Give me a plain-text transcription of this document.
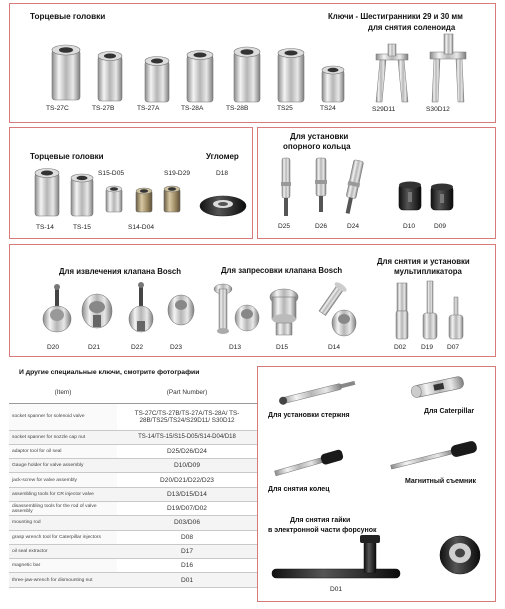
Торцевые головки	Ключи - Шестигранники 29 и 30 мм
для снятия соленоида
TS-27C	TS-27B	TS-27A	TS-28A	TS-28B	TS25	TS24	S29D11	S30D12
Торцевые головки	Угломер
S15-D05	S19-D29	D18
TS-14	TS-15	S14-D04
Для установки
опорного кольца
D25	D26	D24	D10	D09
Для извлечения клапана Bosch	Для запресовки клапана Bosch
Для снятия и установки
мультипликатора
D20	D21	D22	D23	D13	D15	D14	D02 D19 D07
И другие специальные ключи, смотрите фотографии
(Item)	(Part Number)
socket spanner for solenoid valve	TS-27C/TS-27B/TS-27A/TS-28A/ TS-28B/TS25/TS24/S29D11/ S30D12
socket spanner for nozzle cap nut	TS-14/TS-15/S15-D05/S14-D04/D18
adaptor tool for oil seal	D25/D26/D24
Gauge holder for valve assembly	D10/D09
jack-screw for valve assembly	D20/D21/D22/D23
assembling tools for CR injector valve	D13/D15/D14
disassembling tools for the rod of valve assembly	D19/D07/D02
mounting rod	D03/D06
grasp wrench tool for Caterpillar injectors	D08
oil seal extractor	D17
magnetic bar	D16
three-jaw-wrench for dismounting nut	D01
Для установки стержня
Для Caterpillar
Для снятия колец
Магнитный съемник
Для снятия гайки
в электронной части форсунок
D01
